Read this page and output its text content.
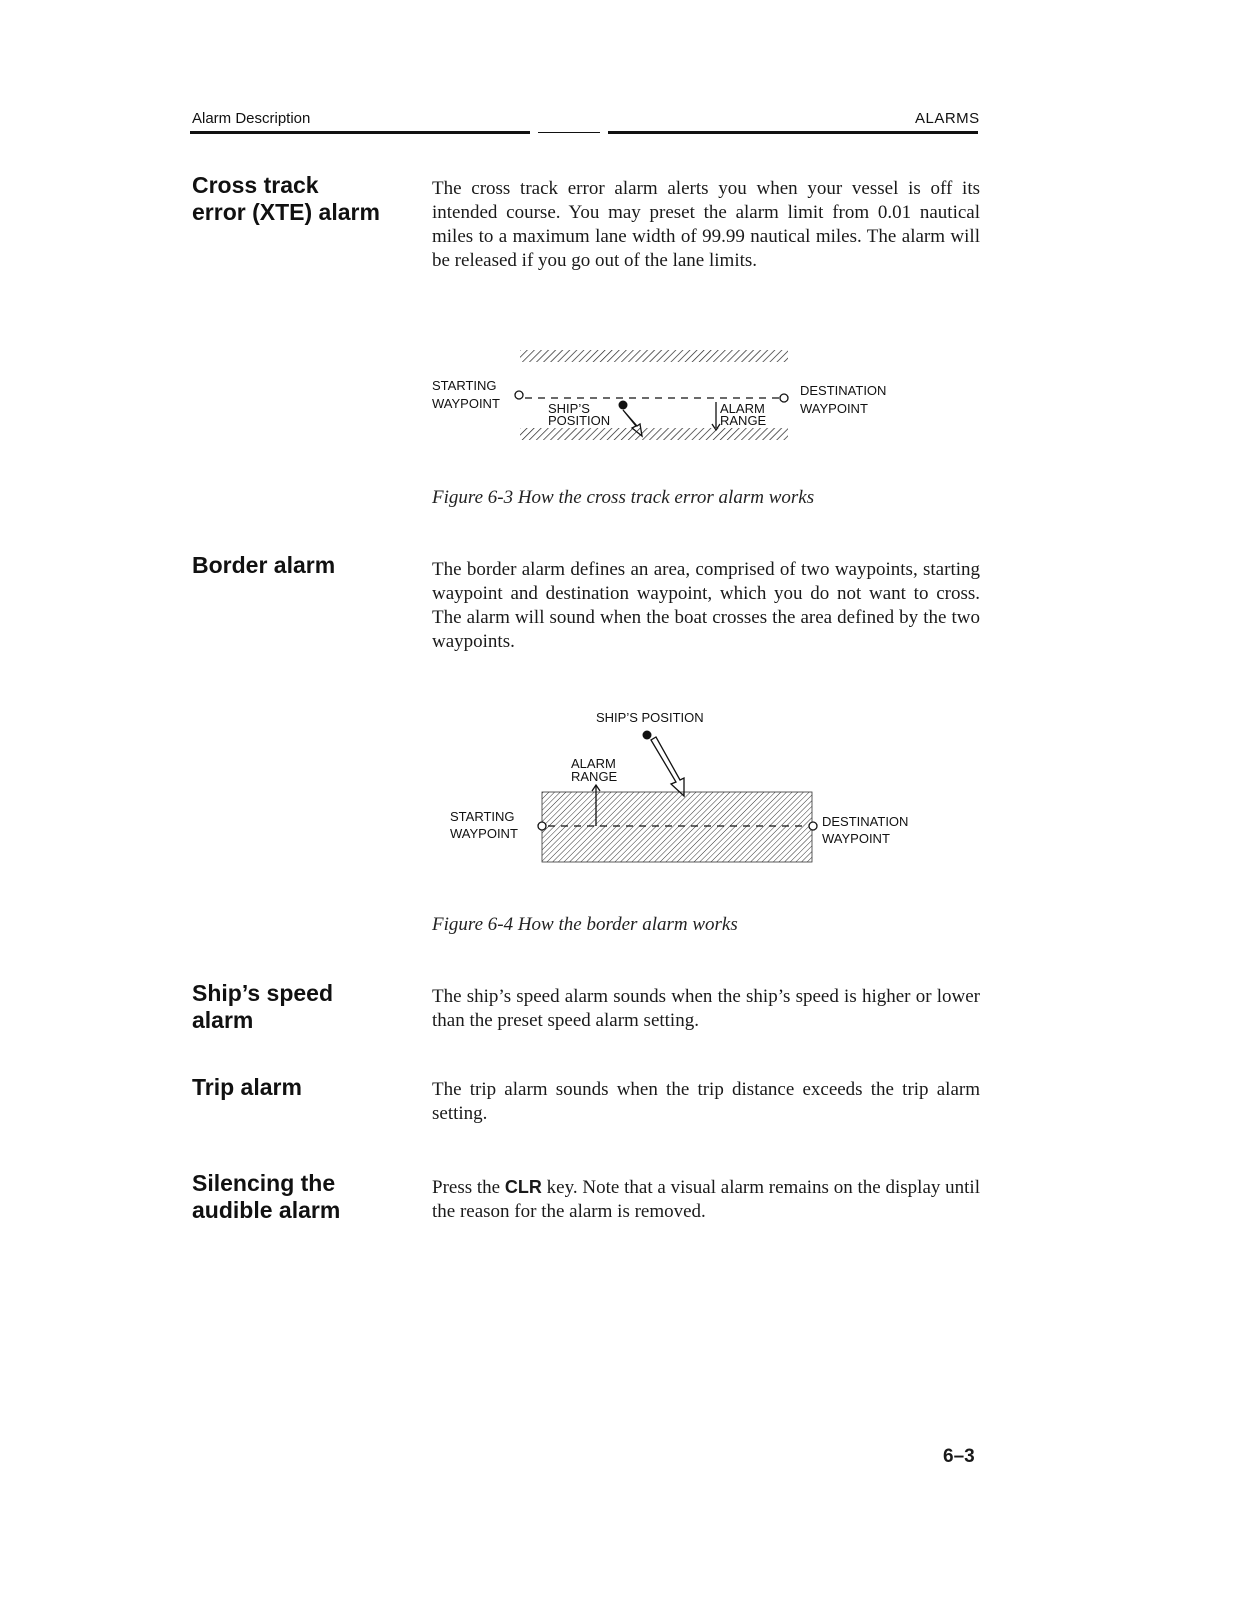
Alarm Description	ALARMS
Cross track
error (XTE) alarm
The cross track error alarm alerts you when your vessel is off its intended course. You may preset the alarm limit from 0.01 nautical miles to a maximum lane width of 99.99 nautical miles. The alarm will be released if you go out of the lane limits.
STARTING
WAYPOINT
DESTINATION
WAYPOINT
SHIP’S
POSITION
ALARM
RANGE
SHIP’S POSITION
ALARM
RANGE
STARTING
WAYPOINT
DESTINATION
WAYPOINT
Figure 6-3 How the cross track error alarm works
Border alarm	The border alarm defines an area, comprised of two waypoints, starting waypoint and destination waypoint, which you do not want to cross. The alarm will sound when the boat crosses the area defined by the two waypoints.
Figure 6-4 How the border alarm works
Ship’s speed
alarm
The ship’s speed alarm sounds when the ship’s speed is higher or lower than the preset speed alarm setting.
Trip alarm	The trip alarm sounds when the trip distance exceeds the trip alarm setting.
Silencing the
audible alarm
Press the CLR key. Note that a visual alarm remains on the display until the reason for the alarm is removed.
6–3
